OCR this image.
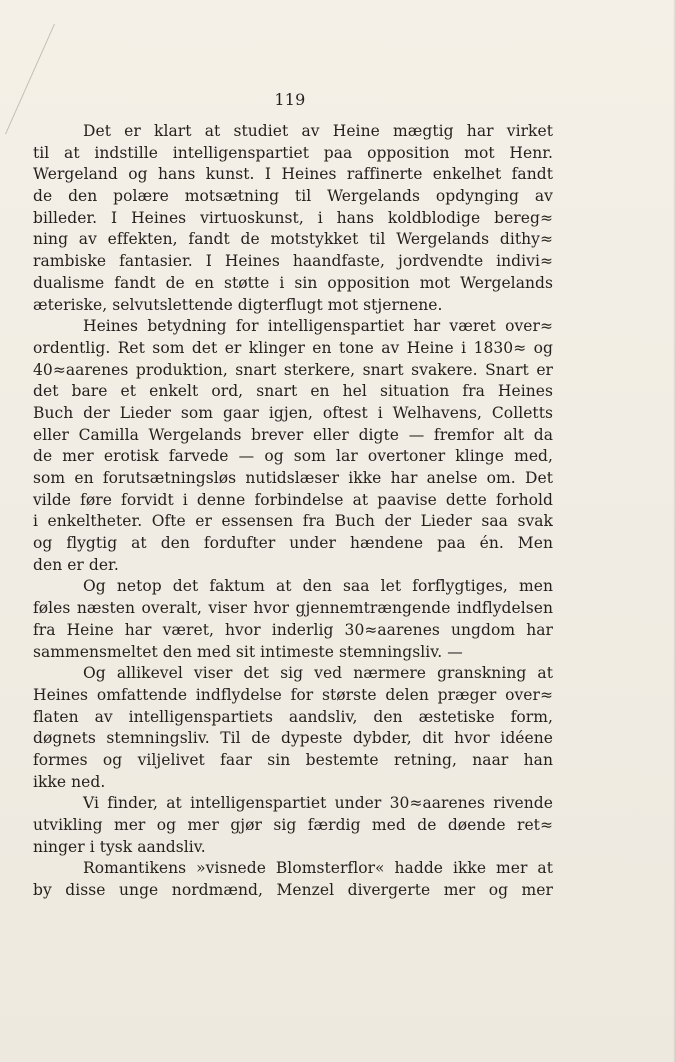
119
Det er klart at studiet av Heine mægtig har virket
til at indstille intelligenspartiet paa opposition mot Henr.
Wergeland og hans kunst. I Heines raffinerte enkelhet fandt
de den polære motsætning til Wergelands opdynging av
billeder. I Heines virtuoskunst, i hans koldblodige bereg≈
ning av effekten, fandt de motstykket til Wergelands dithy≈
rambiske fantasier. I Heines haandfaste, jordvendte indivi≈
dualisme fandt de en støtte i sin opposition mot Wergelands
æteriske, selvutslettende digterflugt mot stjernene.
Heines betydning for intelligenspartiet har været over≈
ordentlig. Ret som det er klinger en tone av Heine i 1830≈ og
40≈aarenes produktion, snart sterkere, snart svakere. Snart er
det bare et enkelt ord, snart en hel situation fra Heines
Buch der Lieder som gaar igjen, oftest i Welhavens, Colletts
eller Camilla Wergelands brever eller digte — fremfor alt da
de mer erotisk farvede — og som lar overtoner klinge med,
som en forutsætningsløs nutidslæser ikke har anelse om. Det
vilde føre forvidt i denne forbindelse at paavise dette forhold
i enkeltheter. Ofte er essensen fra Buch der Lieder saa svak
og flygtig at den fordufter under hændene paa én. Men
den er der.
Og netop det faktum at den saa let forflygtiges, men
føles næsten overalt, viser hvor gjennemtrængende indflydelsen
fra Heine har været, hvor inderlig 30≈aarenes ungdom har
sammensmeltet den med sit intimeste stemningsliv. —
Og allikevel viser det sig ved nærmere granskning at
Heines omfattende indflydelse for største delen præger over≈
flaten av intelligenspartiets aandsliv, den æstetiske form,
døgnets stemningsliv. Til de dypeste dybder, dit hvor idéene
formes og viljelivet faar sin bestemte retning, naar han
ikke ned.
Vi finder, at intelligenspartiet under 30≈aarenes rivende
utvikling mer og mer gjør sig færdig med de døende ret≈
ninger i tysk aandsliv.
Romantikens »visnede Blomsterflor« hadde ikke mer at
by disse unge nordmænd, Menzel divergerte mer og mer
